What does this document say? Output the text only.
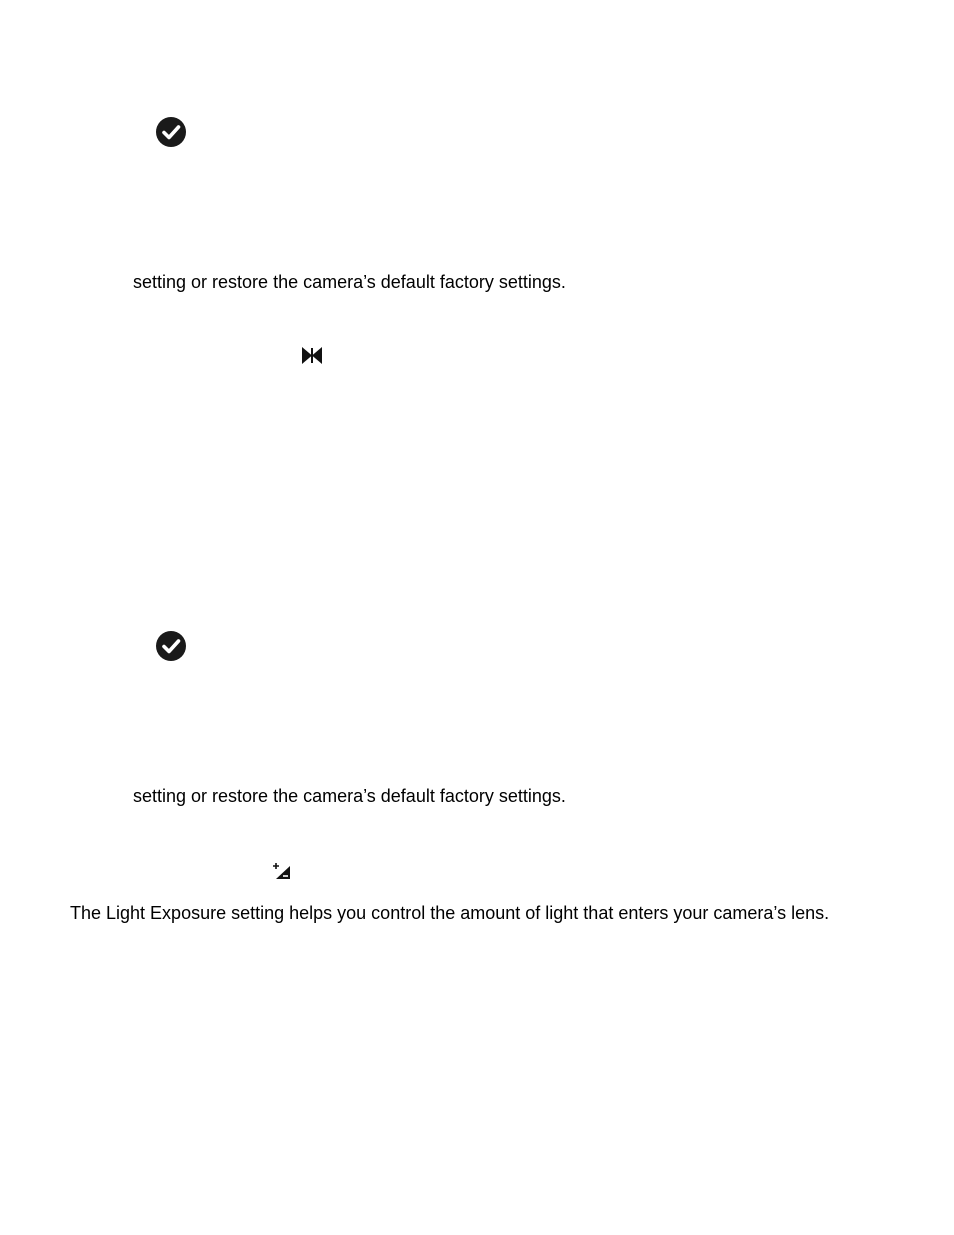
setting or restore the camera’s default factory settings.
setting or restore the camera’s default factory settings.
The Light Exposure setting helps you control the amount of light that enters your camera’s lens.
